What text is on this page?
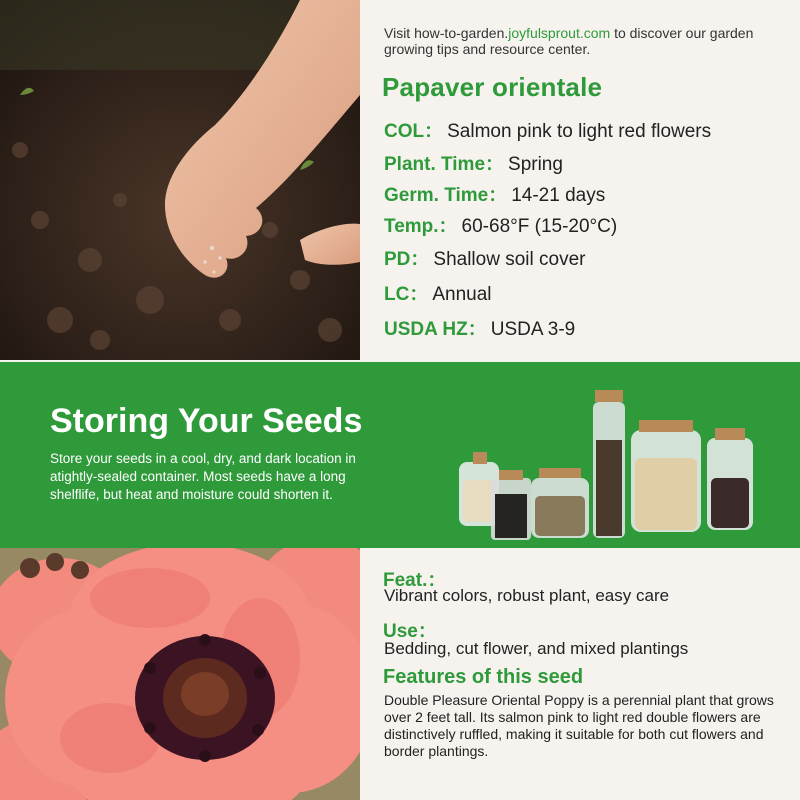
Visit how-to-garden.joyfulsprout.com to discover our garden growing tips and resource center.
Papaver orientale
COL： Salmon pink to light red flowers
Plant. Time： Spring
Germ. Time： 14-21 days
Temp.： 60-68°F (15-20°C)
PD： Shallow soil cover
LC： Annual
USDA HZ： USDA 3-9
Storing Your Seeds
Store your seeds in a cool, dry, and dark location in atightly-sealed container. Most seeds have a long shelflife, but heat and moisture could shorten it.
Feat.：
Vibrant colors, robust plant, easy care
Use：
Bedding, cut flower, and mixed plantings
Features of this seed
Double Pleasure Oriental Poppy is a perennial plant that grows over 2 feet tall. Its salmon pink to light red double flowers are distinctively ruffled, making it suitable for both cut flowers and border plantings.
